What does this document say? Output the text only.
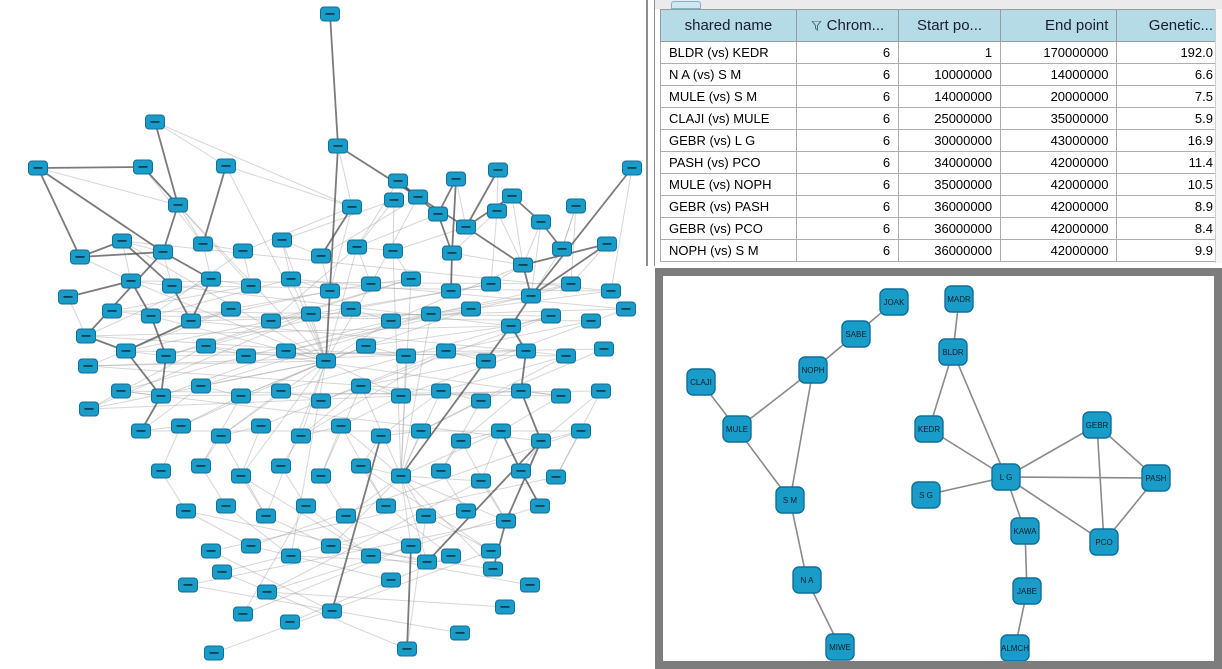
shared name	Chrom...	Start po...	End point	Genetic...
BLDR (vs) KEDR	6	1	170000000	192.0
N A (vs) S M	6	10000000	14000000	6.6
MULE (vs) S M	6	14000000	20000000	7.5
CLAJI (vs) MULE	6	25000000	35000000	5.9
GEBR (vs) L G	6	30000000	43000000	16.9
PASH (vs) PCO	6	34000000	42000000	11.4
MULE (vs) NOPH	6	35000000	42000000	10.5
GEBR (vs) PASH	6	36000000	42000000	8.9
GEBR (vs) PCO	6	36000000	42000000	8.4
NOPH (vs) S M	6	36000000	42000000	9.9
JOAK	MADR
SABE
BLDR
NOPH
CLAJI
MULE	KEDR	GEBR
L G
S G
PASH
S M
KAWA
PCO
N A
JABE
MIWE	ALMCH
